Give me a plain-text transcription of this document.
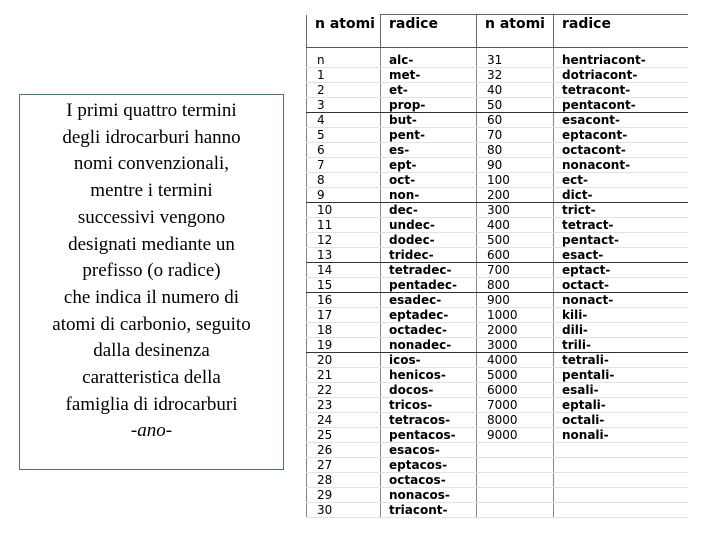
I primi quattro termini
degli idrocarburi hanno
nomi convenzionali,
mentre i termini
successivi vengono
designati mediante un
prefisso (o radice)
che indica il numero di
atomi di carbonio, seguito
dalla desinenza
caratteristica della
famiglia di idrocarburi
-ano-
n atomi	radice	n atomi	radice

n	alc-	31	hentriacont-
1	met-	32	dotriacont-
2	et-	40	tetracont-
3	prop-	50	pentacont-
4	but-	60	esacont-
5	pent-	70	eptacont-
6	es-	80	octacont-
7	ept-	90	nonacont-
8	oct-	100	ect-
9	non-	200	dict-
10	dec-	300	trict-
11	undec-	400	tetract-
12	dodec-	500	pentact-
13	tridec-	600	esact-
14	tetradec-	700	eptact-
15	pentadec-	800	octact-
16	esadec-	900	nonact-
17	eptadec-	1000	kili-
18	octadec-	2000	dili-
19	nonadec-	3000	trili-
20	icos-	4000	tetrali-
21	henicos-	5000	pentali-
22	docos-	6000	esali-
23	tricos-	7000	eptali-
24	tetracos-	8000	octali-
25	pentacos-	9000	nonali-
26	esacos-		
27	eptacos-		
28	octacos-		
29	nonacos-		
30	triacont-		
